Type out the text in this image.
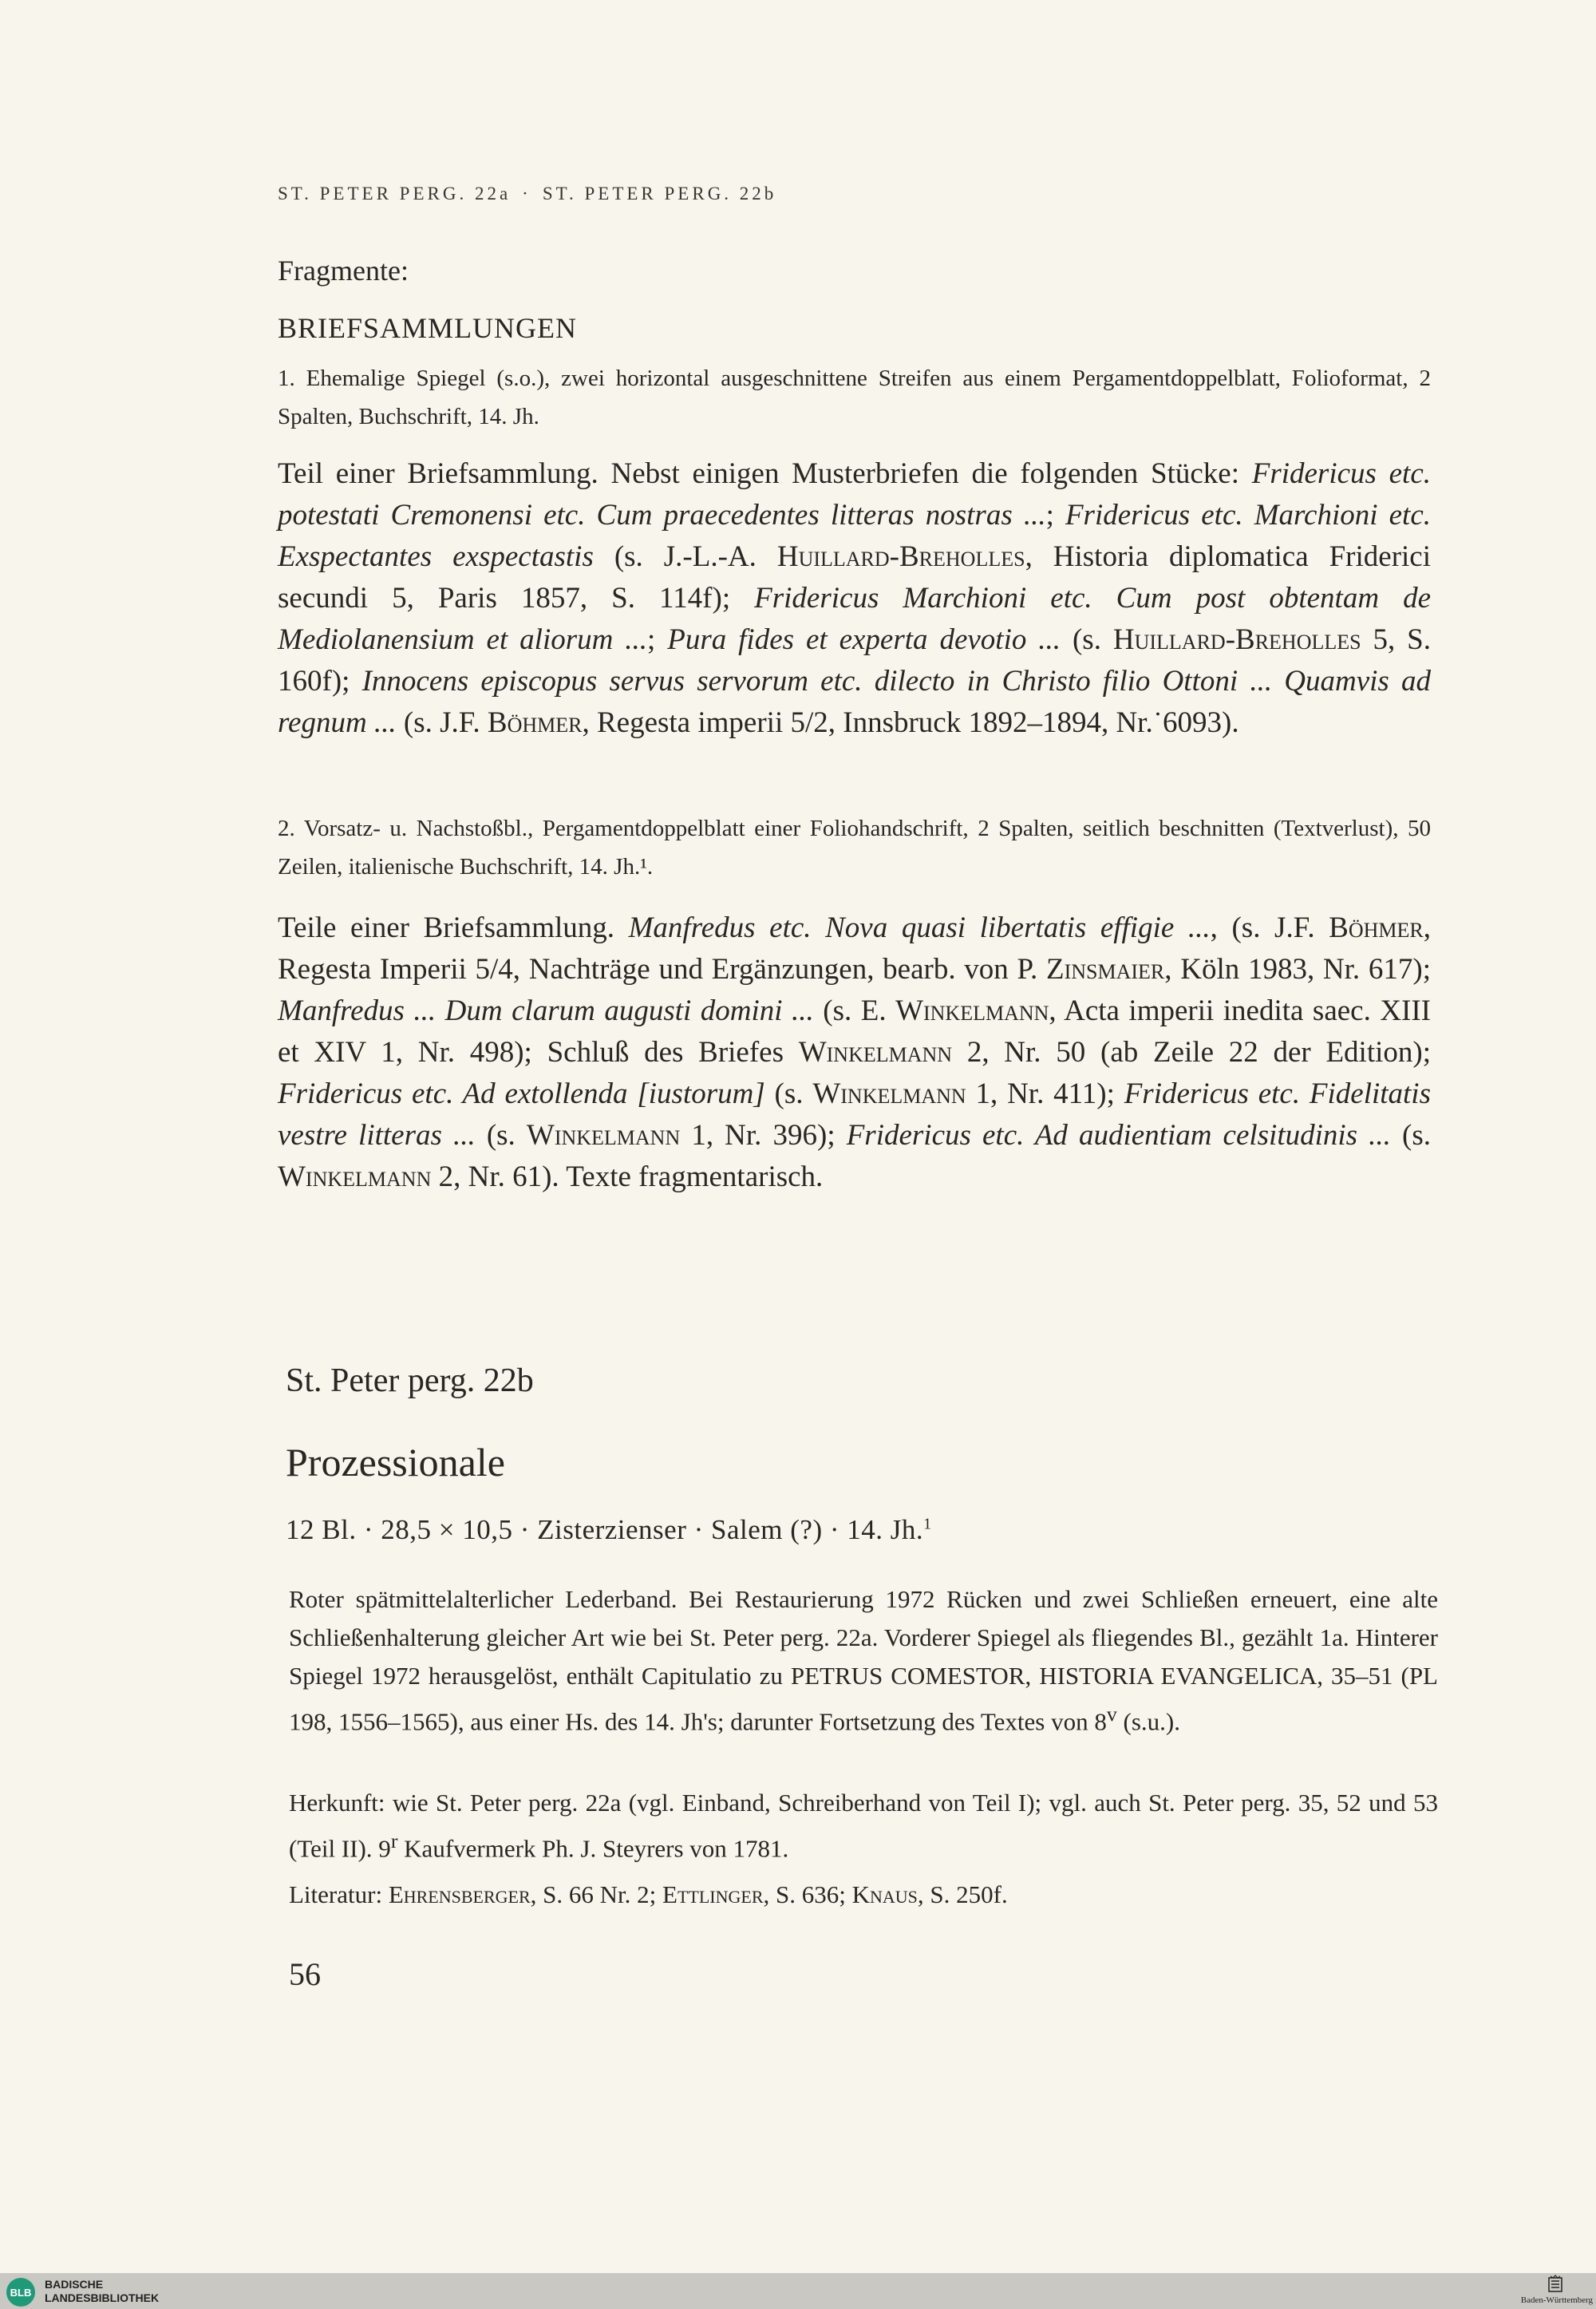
ST. PETER PERG. 22a · ST. PETER PERG. 22b
Fragmente:
BRIEFSAMMLUNGEN

1. Ehemalige Spiegel (s.o.), zwei horizontal ausgeschnittene Streifen aus einem Pergamentdoppelblatt, Folioformat, 2 Spalten, Buchschrift, 14. Jh.

Teil einer Briefsammlung. Nebst einigen Musterbriefen die folgenden Stücke: Fridericus etc. potestati Cremonensi etc. Cum praecedentes litteras nostras ...; Fridericus etc. Marchioni etc. Exspectantes exspectastis (s. J.-L.-A. Huillard-Breholles, Historia diplomatica Friderici secundi 5, Paris 1857, S. 114f); Fridericus Marchioni etc. Cum post obtentam de Mediolanensium et aliorum ...; Pura fides et experta devotio ... (s. Huillard-Breholles 5, S. 160f); Innocens episcopus servus servorum etc. dilecto in Christo filio Ottoni ... Quamvis ad regnum ... (s. J.F. Böhmer, Regesta imperii 5/2, Innsbruck 1892–1894, Nr.˙6093).

2. Vorsatz- u. Nachstoßbl., Pergamentdoppelblatt einer Foliohandschrift, 2 Spalten, seitlich beschnitten (Textverlust), 50 Zeilen, italienische Buchschrift, 14. Jh.¹.

Teile einer Briefsammlung. Manfredus etc. Nova quasi libertatis effigie ..., (s. J.F. Böhmer, Regesta Imperii 5/4, Nachträge und Ergänzungen, bearb. von P. Zinsmaier, Köln 1983, Nr. 617); Manfredus ... Dum clarum augusti domini ... (s. E. Winkelmann, Acta imperii inedita saec. XIII et XIV 1, Nr. 498); Schluß des Briefes Winkelmann 2, Nr. 50 (ab Zeile 22 der Edition); Fridericus etc. Ad extollenda [iustorum] (s. Winkelmann 1, Nr. 411); Fridericus etc. Fidelitatis vestre litteras ... (s. Winkelmann 1, Nr. 396); Fridericus etc. Ad audientiam celsitudinis ... (s. Winkelmann 2, Nr. 61). Texte fragmentarisch.

St. Peter perg. 22b
Prozessionale
12 Bl. · 28,5 × 10,5 · Zisterzienser · Salem (?) · 14. Jh.$^1$

Roter spätmittelalterlicher Lederband. Bei Restaurierung 1972 Rücken und zwei Schließen erneuert, eine alte Schließenhalterung gleicher Art wie bei St. Peter perg. 22a. Vorderer Spiegel als fliegendes Bl., gezählt 1a. Hinterer Spiegel 1972 herausgelöst, enthält Capitulatio zu PETRUS COMESTOR, HISTORIA EVANGELICA, 35–51 (PL 198, 1556–1565), aus einer Hs. des 14. Jh's; darunter Fortsetzung des Textes von 8$^v$ (s.u.).

Herkunft: wie St. Peter perg. 22a (vgl. Einband, Schreiberhand von Teil I); vgl. auch St. Peter perg. 35, 52 und 53 (Teil II). 9$^r$ Kaufvermerk Ph. J. Steyrers von 1781.

Literatur: Ehrensberger, S. 66 Nr. 2; Ettlinger, S. 636; Knaus, S. 250f.

56
BLB
BADISCHE
LANDESBIBLIOTHEK	Baden-Württemberg
